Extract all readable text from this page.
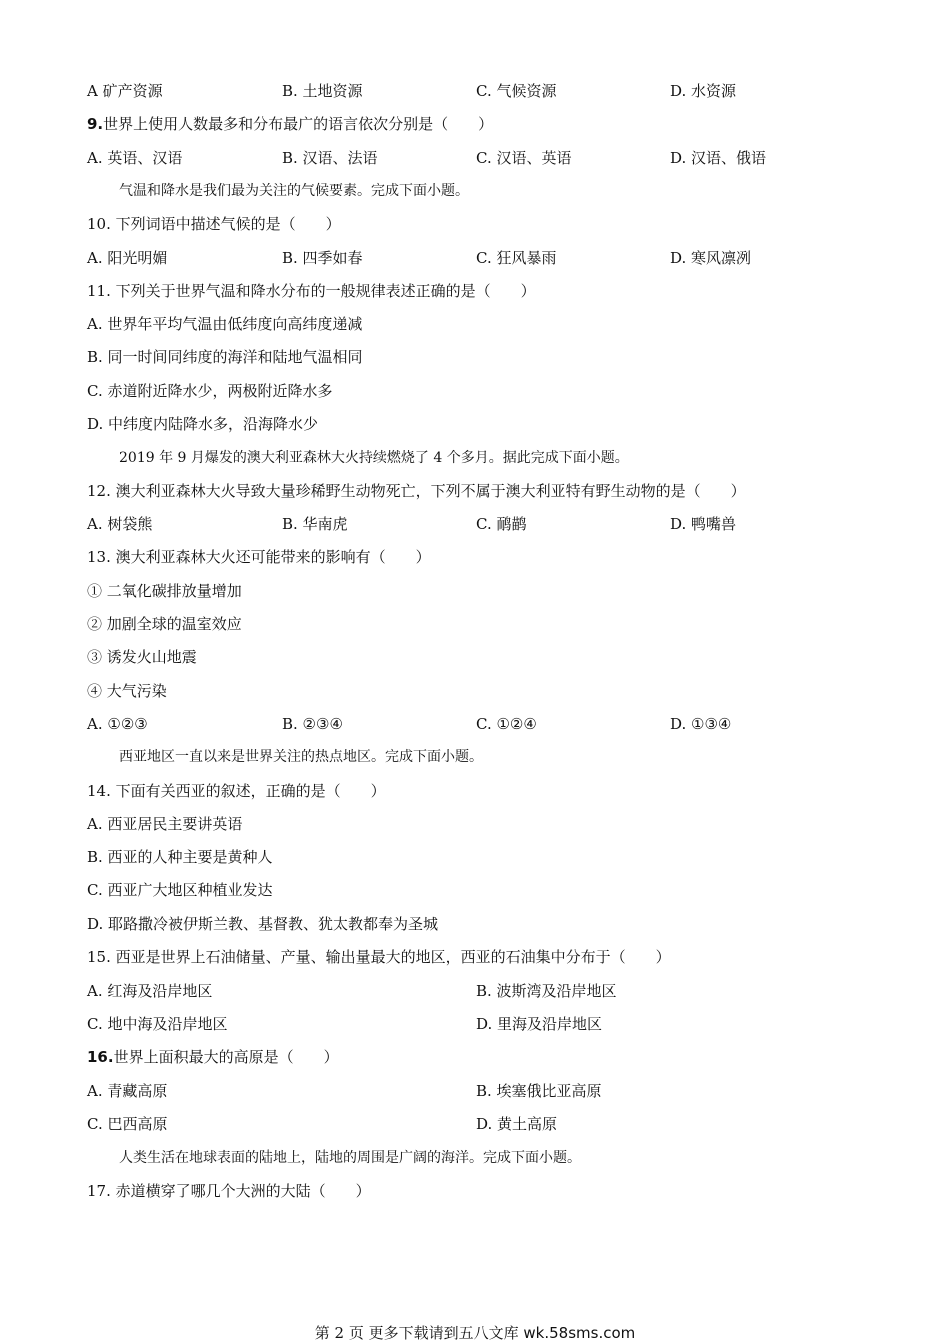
A 矿产资源	B. 土地资源	C. 气候资源	D. 水资源
9.世界上使用人数最多和分布最广的语言依次分别是（　　）
A. 英语、汉语	B. 汉语、法语	C. 汉语、英语	D. 汉语、俄语
气温和降水是我们最为关注的气候要素。完成下面小题。
10. 下列词语中描述气候的是（　　）
A. 阳光明媚	B. 四季如春	C. 狂风暴雨	D. 寒风凛冽
11. 下列关于世界气温和降水分布的一般规律表述正确的是（　　）
A. 世界年平均气温由低纬度向高纬度递减
B. 同一时间同纬度的海洋和陆地气温相同
C. 赤道附近降水少，两极附近降水多
D. 中纬度内陆降水多，沿海降水少
2019 年 9 月爆发的澳大利亚森林大火持续燃烧了 4 个多月。据此完成下面小题。
12. 澳大利亚森林大火导致大量珍稀野生动物死亡，下列不属于澳大利亚特有野生动物的是（　　）
A. 树袋熊	B. 华南虎	C. 鸸鹋	D. 鸭嘴兽
13. 澳大利亚森林大火还可能带来的影响有（　　）
① 二氧化碳排放量增加
② 加剧全球的温室效应
③ 诱发火山地震
④ 大气污染
A. ①②③	B. ②③④	C. ①②④	D. ①③④
西亚地区一直以来是世界关注的热点地区。完成下面小题。
14. 下面有关西亚的叙述，正确的是（　　）
A. 西亚居民主要讲英语
B. 西亚的人种主要是黄种人
C. 西亚广大地区种植业发达
D. 耶路撒冷被伊斯兰教、基督教、犹太教都奉为圣城
15. 西亚是世界上石油储量、产量、输出量最大的地区，西亚的石油集中分布于（　　）
A. 红海及沿岸地区	B. 波斯湾及沿岸地区
C. 地中海及沿岸地区	D. 里海及沿岸地区
16.世界上面积最大的高原是（　　）
A. 青藏高原	B. 埃塞俄比亚高原
C. 巴西高原	D. 黄土高原
人类生活在地球表面的陆地上，陆地的周围是广阔的海洋。完成下面小题。
17. 赤道横穿了哪几个大洲的大陆（　　）
第 2 页 更多下载请到五八文库 wk.58sms.com
